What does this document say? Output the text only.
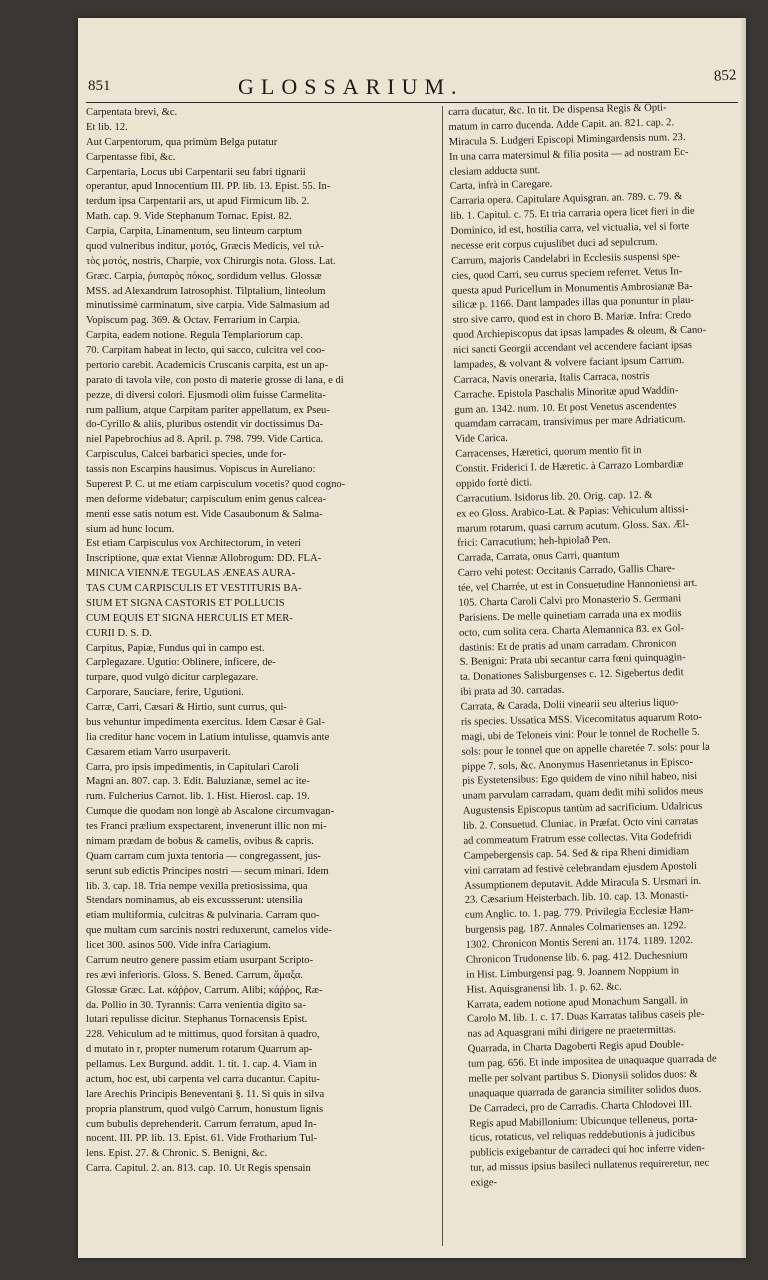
851	GLOSSARIUM.	852
Carpentata brevi, &c.
Et lib. 12.
Aut Carpentorum, qua primùm Belga putatur
Carpentasse fibi, &c.
Carpentaria, Locus ubi Carpentarii seu fabri tignarii
operantur, apud Innocentium III. PP. lib. 13. Epist. 55. In-
terdum ipsa Carpentarii ars, ut apud Firmicum lib. 2.
Math. cap. 9. Vide Stephanum Tornac. Epist. 82.
Carpia, Carpita, Linamentum, seu linteum carptum
quod vulneribus inditur, μοτός, Græcis Medicis, vel τιλ-
τὸς μοτός, nostris, Charpie, vox Chirurgis nota. Gloss. Lat.
Græc. Carpia, ῥυπαρὸς πόκος, sordidum vellus. Glossæ
MSS. ad Alexandrum Iatrosophist. Tilptalium, linteolum
minutissimè carminatum, sive carpia. Vide Salmasium ad
Vopiscum pag. 369. & Octav. Ferrarium in Carpia.
Carpita, eadem notione. Regula Templariorum cap.
70. Carpitam habeat in lecto, qui sacco, culcitra vel coo-
pertorio carebit. Academicis Cruscanis carpita, est un ap-
parato di tavola vile, con posto di materie grosse di lana, e di
pezze, di diversi colori. Ejusmodi olim fuisse Carmelita-
rum pallium, atque Carpitam pariter appellatum, ex Pseu-
do-Cyrillo & aliis, pluribus ostendit vir doctissimus Da-
niel Papebrochius ad 8. April. p. 798. 799. Vide Cartica.
Carpisculus, Calcei barbarici species, unde for-
tassis non Escarpins hausimus. Vopiscus in Aureliano:
Superest P. C. ut me etiam carpisculum vocetis? quod cogno-
men deforme videbatur; carpisculum enim genus calcea-
menti esse satis notum est. Vide Casaubonum & Salma-
sium ad hunc locum.
Est etiam Carpisculus vox Architectorum, in veteri
Inscriptione, quæ extat Viennæ Allobrogum: DD. FLA-
MINICA VIENNÆ TEGULAS ÆNEAS AURA-
TAS CUM CARPISCULIS ET VESTITURIS BA-
SIUM ET SIGNA CASTORIS ET POLLUCIS
CUM EQUIS ET SIGNA HERCULIS ET MER-
CURII D. S. D.
Carpitus, Papiæ, Fundus qui in campo est.
Carplegazare. Ugutio: Oblinere, inficere, de-
turpare, quod vulgò dicitur carplegazare.
Carporare, Sauciare, ferire, Ugutioni.
Carræ, Carri, Cæsari & Hirtio, sunt currus, qui-
bus vehuntur impedimenta exercitus. Idem Cæsar è Gal-
lia creditur hanc vocem in Latium intulisse, quamvis ante
Cæsarem etiam Varro usurpaverit.
Carra, pro ipsis impedimentis, in Capitulari Caroli
Magni an. 807. cap. 3. Edit. Baluzianæ, semel ac ite-
rum. Fulcherius Carnot. lib. 1. Hist. Hierosl. cap. 19.
Cumque die quodam non longè ab Ascalone circumvagan-
tes Franci prælium exspectarent, invenerunt illic non mi-
nimam prædam de bobus & camelis, ovibus & capris.
Quam carram cum juxta tentoria — congregassent, jus-
serunt sub edictis Principes nostri — secum minari. Idem
lib. 3. cap. 18. Tria nempe vexilla pretiosissima, qua
Stendars nominamus, ab eis excussserunt: utensilia
etiam multiformia, culcitras & pulvinaria. Carram quo-
que multam cum sarcinis nostri reduxerunt, camelos vide-
licet 300. asinos 500. Vide infra Cariagium.
Carrum neutro genere passim etiam usurpant Scripto-
res ævi inferioris. Gloss. S. Bened. Carrum, ἅμαξα.
Glossæ Græc. Lat. κάῤῥον, Carrum. Alibi; κάῤῥος, Ræ-
da. Pollio in 30. Tyrannis: Carra venientia digito sa-
lutari repulisse dicitur. Stephanus Tornacensis Epist.
228. Vehiculum ad te mittimus, quod forsitan à quadro,
d mutato in r, propter numerum rotarum Quarrum ap-
pellamus. Lex Burgund. addit. 1. tit. 1. cap. 4. Viam in
actum, hoc est, ubi carpenta vel carra ducantur. Capitu-
lare Arechis Principis Beneventani §. 11. Si quis in silva
propria planstrum, quod vulgò Carrum, honustum lignis
cum bubulis deprehenderit. Carrum ferratum, apud In-
nocent. III. PP. lib. 13. Epist. 61. Vide Frotharium Tul-
lens. Epist. 27. & Chronic. S. Benigni, &c.
Carra. Capitul. 2. an. 813. cap. 10. Ut Regis spensain
carra ducatur, &c. In tit. De dispensa Regis & Opti-
matum in carro ducenda. Adde Capit. an. 821. cap. 2.
Miracula S. Ludgeri Episcopi Mimingardensis num. 23.
In una carra matersimul & filia posita — ad nostram Ec-
clesiam adducta sunt.
Carta, infrà in Caregare.
Carraria opera. Capitulare Aquisgran. an. 789. c. 79. &
lib. 1. Capitul. c. 75. Et tria carraria opera licet fieri in die
Dominico, id est, hostilia carra, vel victualia, vel si forte
necesse erit corpus cujuslibet duci ad sepulcrum.
Carrum, majoris Candelabri in Ecclesiis suspensi spe-
cies, quod Carri, seu currus speciem referret. Vetus In-
questa apud Puricellum in Monumentis Ambrosianæ Ba-
silicæ p. 1166. Dant lampades illas qua ponuntur in plau-
stro sive carro, quod est in choro B. Mariæ. Infra: Credo
quod Archiepiscopus dat ipsas lampades & oleum, & Cano-
nici sancti Georgii accendant vel accendere faciant ipsas
lampades, & volvant & volvere faciant ipsum Carrum.
Carraca, Navis oneraria, Italis Carraca, nostris
Carrache. Epistola Paschalis Minoritæ apud Waddin-
gum an. 1342. num. 10. Et post Venetus ascendentes
quamdam carracam, transivimus per mare Adriaticum.
Vide Carica.
Carracenses, Hæretici, quorum mentio fit in
Constit. Friderici I. de Hæretic. à Carrazo Lombardiæ
oppido fortè dicti.
Carracutium. Isidorus lib. 20. Orig. cap. 12. &
ex eo Gloss. Arabico-Lat. & Papias: Vehiculum altissi-
marum rotarum, quasi carrum acutum. Gloss. Sax. Æl-
frici: Carracutium; heh-hpiolað Pen.
Carrada, Carrata, onus Carri, quantum
Carro vehi potest: Occitanis Carrado, Gallis Chare-
tée, vel Charrée, ut est in Consuetudine Hannoniensi art.
105. Charta Caroli Calvi pro Monasterio S. Germani
Parisiens. De melle quinetiam carrada una ex modiis
octo, cum solita cera. Charta Alemannica 83. ex Gol-
dastinis: Et de pratis ad unam carradam. Chronicon
S. Benigni: Prata ubi secantur carra fœni quinquagin-
ta. Donationes Salisburgenses c. 12. Sigebertus dedit
ibi prata ad 30. carradas.
Carrata, & Carada, Dolii vinearii seu alterius liquo-
ris species. Ussatica MSS. Vicecomitatus aquarum Roto-
magi, ubi de Teloneis vini: Pour le tonnel de Rochelle 5.
sols: pour le tonnel que on appelle charetée 7. sols: pour la
pippe 7. sols, &c. Anonymus Hasenrietanus in Episco-
pis Eystetensibus: Ego quidem de vino nihil habeo, nisi
unam parvulam carradam, quam dedit mihi solidos meus
Augustensis Episcopus tantùm ad sacrificium. Udalricus
lib. 2. Consuetud. Cluniac. in Præfat. Octo vini carratas
ad commeatum Fratrum esse collectas. Vita Godefridi
Campebergensis cap. 54. Sed & ripa Rheni dimidiam
vini carratam ad festivè celebrandam ejusdem Apostoli
Assumptionem deputavit. Adde Miracula S. Ursmari in.
23. Cæsarium Heisterbach. lib. 10. cap. 13. Monasti-
cum Anglic. to. 1. pag. 779. Privilegia Ecclesiæ Ham-
burgensis pag. 187. Annales Colmarienses an. 1292.
1302. Chronicon Montis Sereni an. 1174. 1189. 1202.
Chronicon Trudonense lib. 6. pag. 412. Duchesnium
in Hist. Limburgensi pag. 9. Joannem Noppium in
Hist. Aquisgranensi lib. 1. p. 62. &c.
Karrata, eadem notione apud Monachum Sangall. in
Carolo M. lib. 1. c. 17. Duas Karratas talibus caseis ple-
nas ad Aquasgrani mihi dirigere ne praetermittas.
Quarrada, in Charta Dagoberti Regis apud Double-
tum pag. 656. Et inde impositea de unaquaque quarrada de
melle per solvant partibus S. Dionysii solidos duos: &
unaquaque quarrada de garancia similiter solidos duos.
De Carradeci, pro de Carradis. Charta Chlodovei III.
Regis apud Mabillonium: Ubicunque telleneus, porta-
ticus, rotaticus, vel reliquas reddebutionis à judicibus
publicis exigebantur de carradeci qui hoc inferre viden-
tur, ad missus ipsius basileci nullatenus requireretur, nec
exige-
